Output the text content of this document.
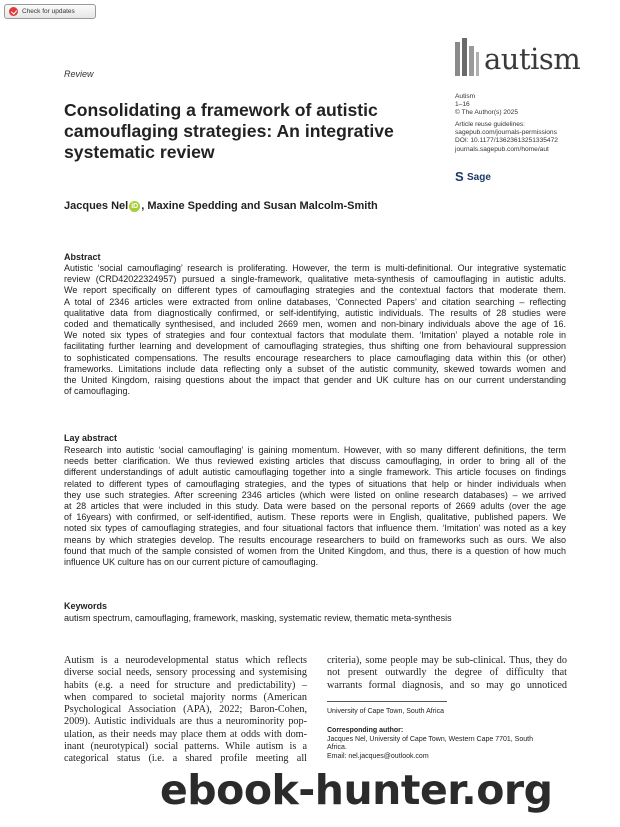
Check for updates
Review	autism
Autism
1–16
© The Author(s) 2025
Article reuse guidelines:
sagepub.com/journals-permissions
DOI: 10.1177/13623613251335472
journals.sagepub.com/home/aut
S Sage
Consolidating a framework of autistic
camouflaging strategies: An integrative
systematic review
Jacques Nel iD , Maxine Spedding and Susan Malcolm-Smith
Abstract
Autistic ‘social camouflaging’ research is proliferating. However, the term is multi-definitional. Our integrative systematic
review (CRD42022324957) pursued a single-framework, qualitative meta-synthesis of camouflaging in autistic adults.
We report specifically on different types of camouflaging strategies and the contextual factors that moderate them.
A total of 2346 articles were extracted from online databases, ‘Connected Papers’ and citation searching – reflecting
qualitative data from diagnostically confirmed, or self-identifying, autistic individuals. The results of 28 studies were
coded and thematically synthesised, and included 2669 men, women and non-binary individuals above the age of 16.
We noted six types of strategies and four contextual factors that modulate them. ‘Imitation’ played a notable role in
facilitating further learning and development of camouflaging strategies, thus shifting one from behavioural suppression
to sophisticated compensations. The results encourage researchers to place camouflaging data within this (or other)
frameworks. Limitations include data reflecting only a subset of the autistic community, skewed towards women and
the United Kingdom, raising questions about the impact that gender and UK culture has on our current understanding
of camouflaging.
Lay abstract
Research into autistic ‘social camouflaging’ is gaining momentum. However, with so many different definitions, the term
needs better clarification. We thus reviewed existing articles that discuss camouflaging, in order to bring all of the
different understandings of adult autistic camouflaging together into a single framework. This article focuses on findings
related to different types of camouflaging strategies, and the types of situations that help or hinder individuals when
they use such strategies. After screening 2346 articles (which were listed on online research databases) – we arrived
at 28 articles that were included in this study. Data were based on the personal reports of 2669 adults (over the age
of 16years) with confirmed, or self-identified, autism. These reports were in English, qualitative, published papers. We
noted six types of camouflaging strategies, and four situational factors that influence them. ‘Imitation’ was noted as a key
means by which strategies develop. The results encourage researchers to build on frameworks such as ours. We also
found that much of the sample consisted of women from the United Kingdom, and thus, there is a question of how much
influence UK culture has on our current picture of camouflaging.
Keywords
autism spectrum, camouflaging, framework, masking, systematic review, thematic meta-synthesis
Autism is a neurodevelopmental status which reflects
diverse social needs, sensory processing and systemising
habits (e.g. a need for structure and predictability) –
when compared to societal majority norms (American
Psychological Association (APA), 2022; Baron-Cohen,
2009). Autistic individuals are thus a neurominority pop-
ulation, as their needs may place them at odds with dom-
inant (neurotypical) social patterns. While autism is a
categorical status (i.e. a shared profile meeting all
criteria), some people may be sub-clinical. Thus, they do
not present outwardly the degree of difficulty that
warrants formal diagnosis, and so may go unnoticed
University of Cape Town, South Africa
Corresponding author:
Jacques Nel, University of Cape Town, Western Cape 7701, South
Africa.
Email: nel.jacques@outlook.com
ebook-hunter.org
